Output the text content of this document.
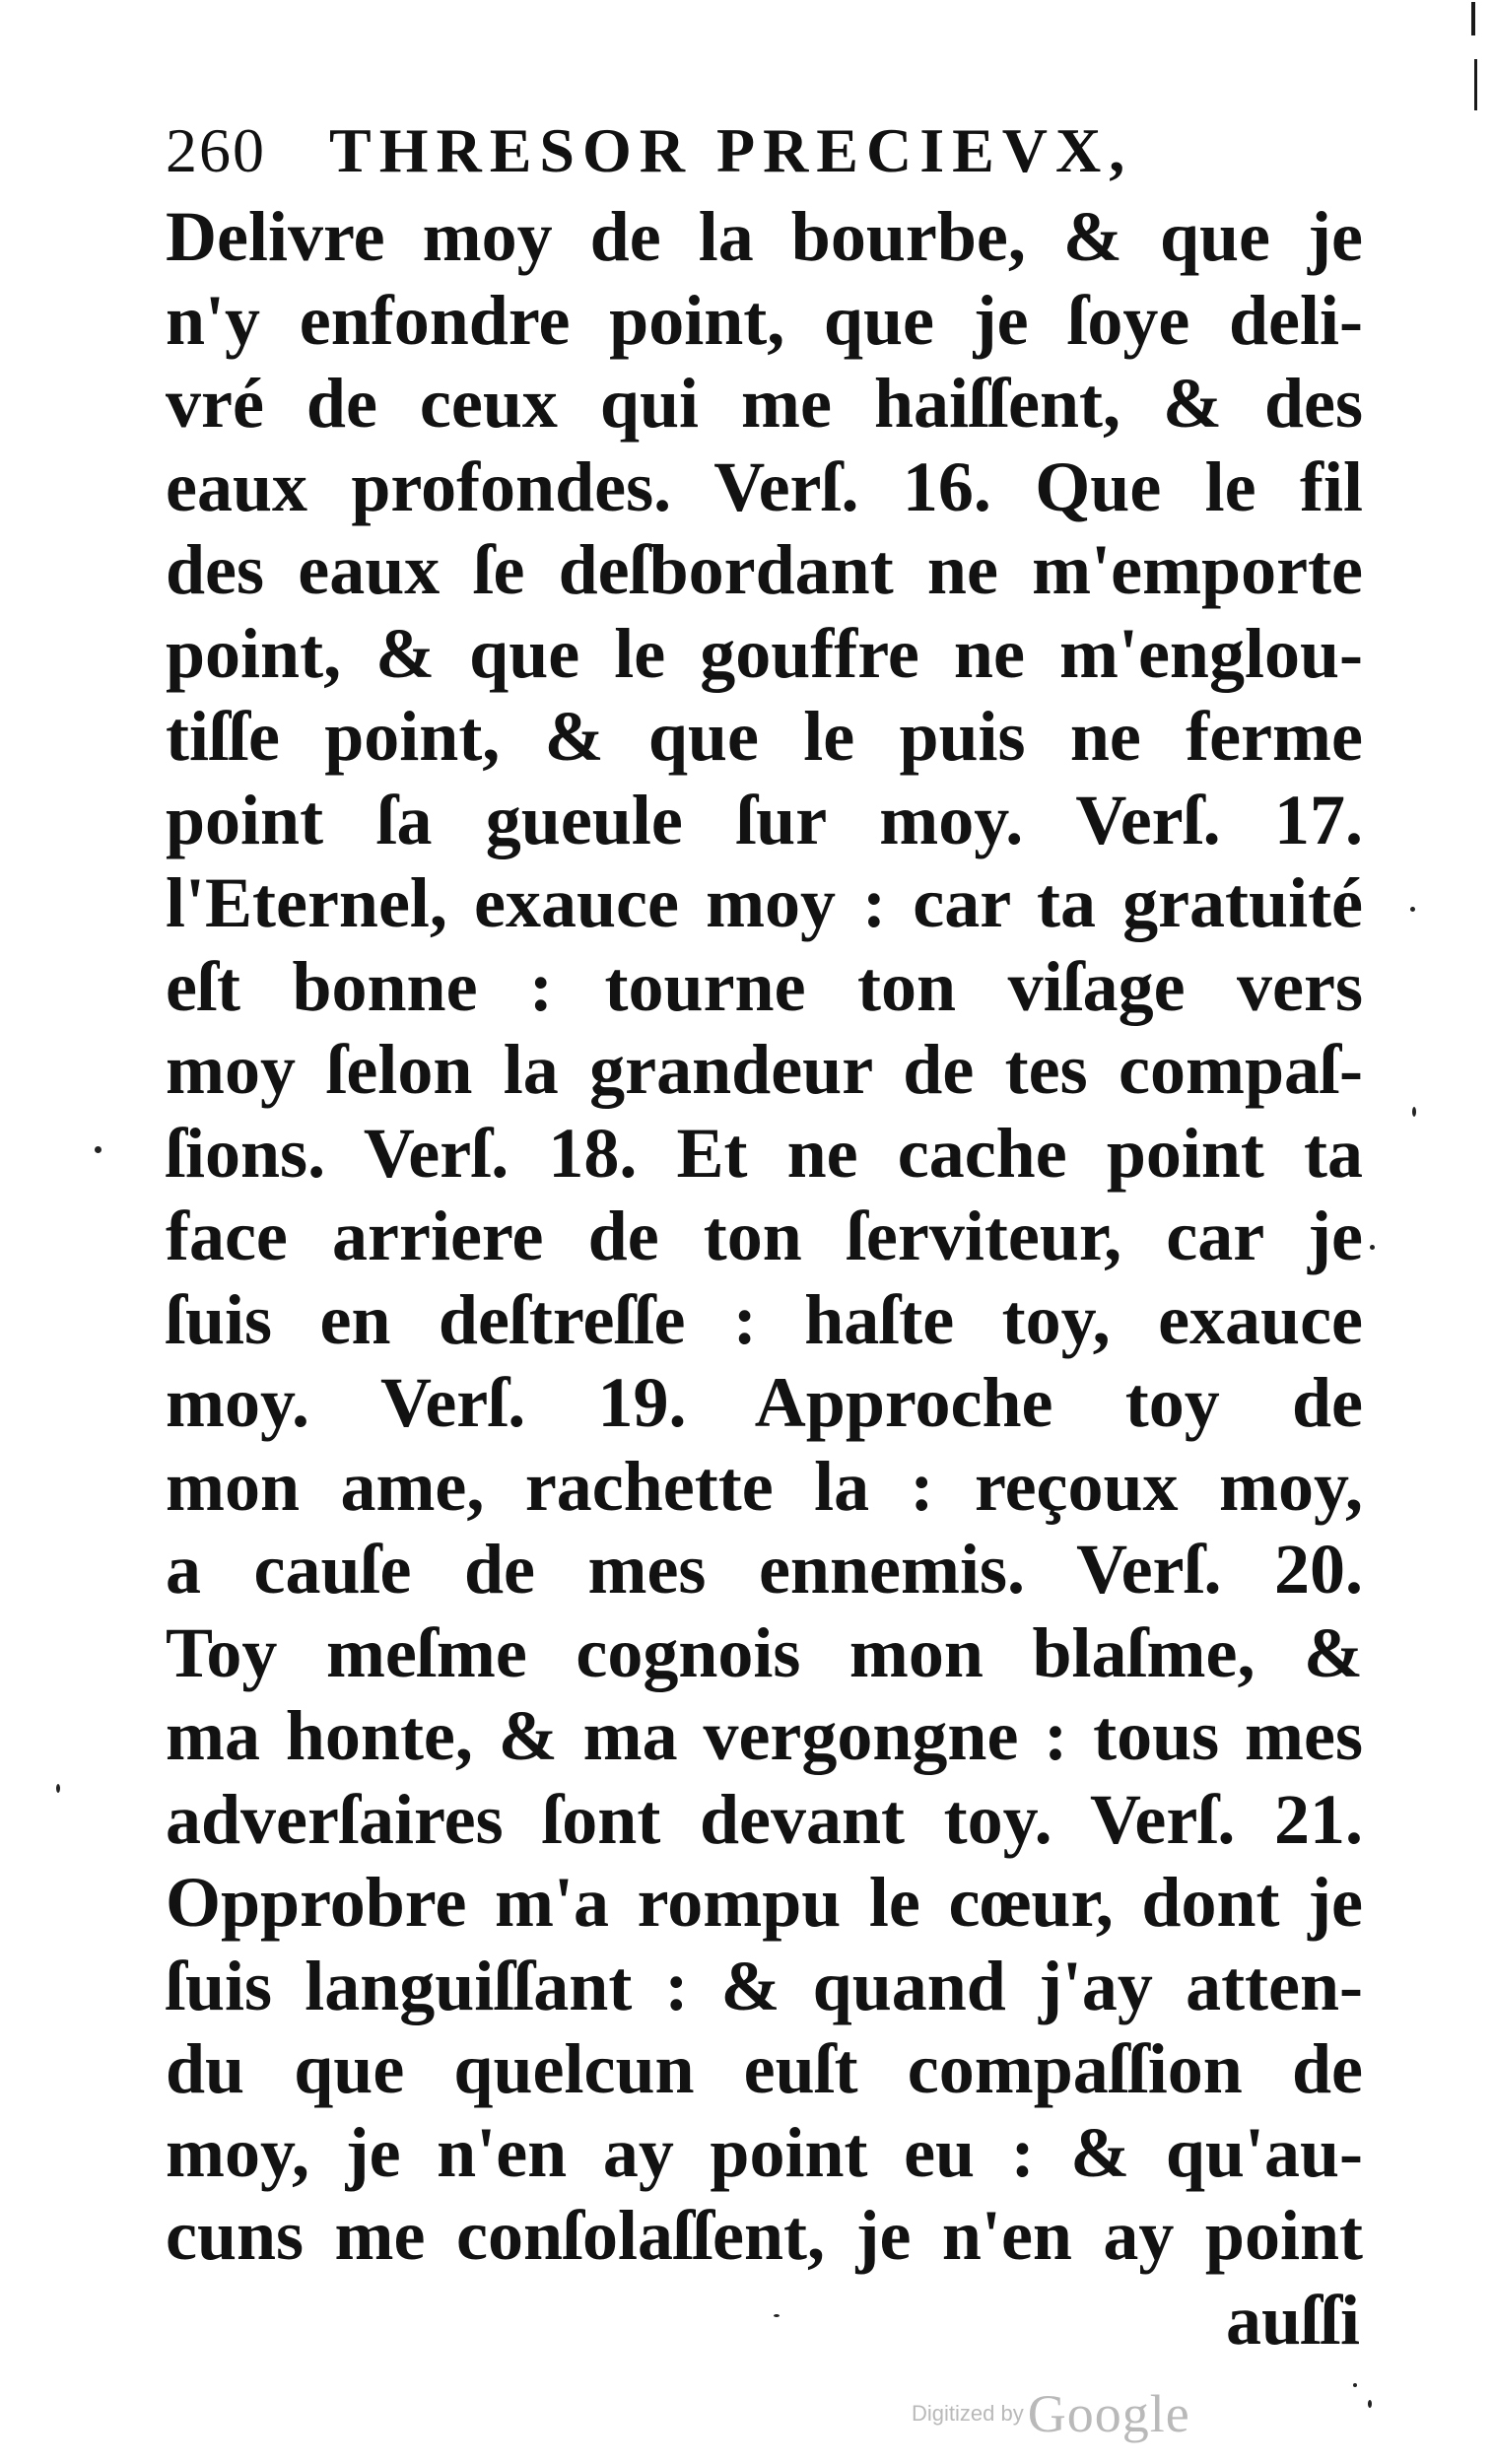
260 THRESOR PRECIEVX,
Delivre moy de la bourbe, & que je
n'y enfondre point, que je ſoye deli-
vré de ceux qui me haiſſent, & des
eaux profondes. Verſ. 16. Que le fil
des eaux ſe deſbordant ne m'emporte
point, & que le gouffre ne m'englou-
tiſſe point, & que le puis ne ferme
point ſa gueule ſur moy. Verſ. 17.
l'Eternel, exauce moy : car ta gratuité
eſt bonne : tourne ton viſage vers
moy ſelon la grandeur de tes compaſ-
ſions. Verſ. 18. Et ne cache point ta
face arriere de ton ſerviteur, car je
ſuis en deſtreſſe : haſte toy, exauce
moy. Verſ. 19. Approche toy de
mon ame, rachette la : reçoux moy,
a cauſe de mes ennemis. Verſ. 20.
Toy meſme cognois mon blaſme, &
ma honte, & ma vergongne : tous mes
adverſaires ſont devant toy. Verſ. 21.
Opprobre m'a rompu le cœur, dont je
ſuis languiſſant : & quand j'ay atten-
du que quelcun euſt compaſſion de
moy, je n'en ay point eu : & qu'au-
cuns me conſolaſſent, je n'en ay point
auſſi
Digitized by Google
